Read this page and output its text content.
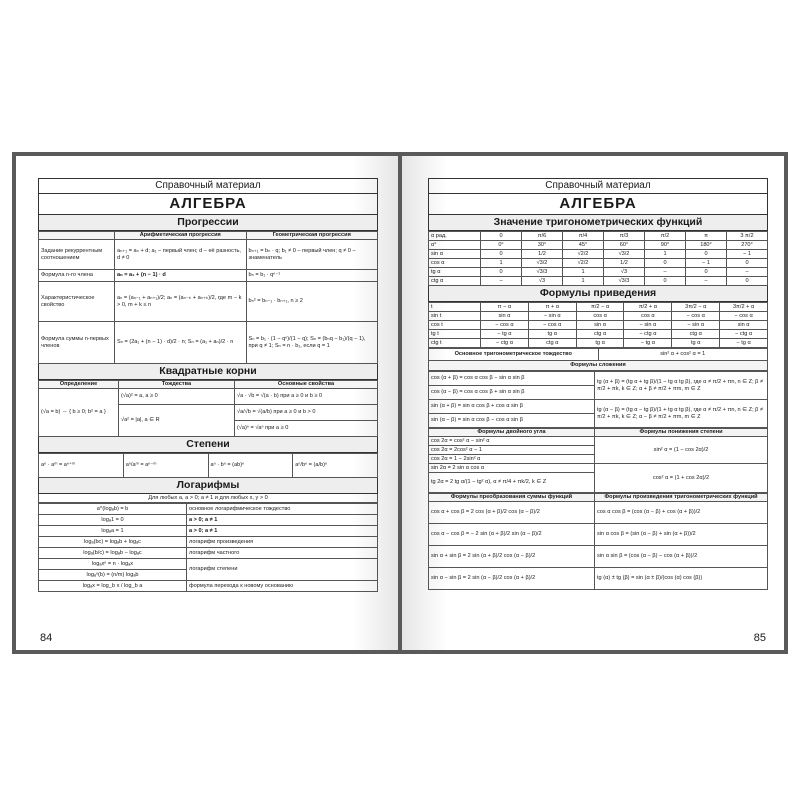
Справочный материал
АЛГЕБРА
Прогрессии
	Арифметическая прогрессия	Геометрическая прогрессия
Задание рекуррентным соотношением	aₙ₊₁ = aₙ + d; a₁ – первый член; d – её разность, d ≠ 0	bₙ₊₁ = bₙ · q; b₁ ≠ 0 – первый член; q ≠ 0 – знаменатель
Формула n-го члена	aₙ = a₁ + (n − 1) · d	bₙ = b₁ · qⁿ⁻¹
Характеристическое свойство	aₙ = (aₙ₋₁ + aₙ₊₁)/2; aₙ = (aₙ₋ₖ + aₙ₊ₖ)/2, где m − k > 0, m + k ≤ n	bₙ² = bₙ₋₁ · bₙ₊₁, n ≥ 2
Формула суммы n-первых членов	Sₙ = (2a₁ + (n − 1) · d)/2 · n; Sₙ = (a₁ + aₙ)/2 · n	Sₙ = b₁ · (1 − qⁿ)/(1 − q); Sₙ = (bₙq − b₁)/(q − 1), при q ≠ 1; Sₙ = n · b₁, если q = 1
Квадратные корни
Определение	Тождества	Основные свойства
(√a = b) ⇔ { b ≥ 0; b² = a }	(√a)² = a, a ≥ 0	√a · √b = √(a · b) при a ≥ 0 и b ≥ 0
	√a² = |a|, a ∈ R	√a/√b = √(a/b) при a ≥ 0 и b > 0
		(√a)ⁿ = √aⁿ при a ≥ 0
Степени
aⁿ · aᵐ = aⁿ⁺ᵐ	aⁿ/aᵐ = aⁿ⁻ᵐ	aⁿ · bⁿ = (ab)ⁿ	aⁿ/bⁿ = (a/b)ⁿ
Логарифмы
Для любых a, a > 0; a ≠ 1 и для любых x, y > 0
a^(logₐb) = b	основное логарифмическое тождество
logₐ1 = 0	a > 0; a ≠ 1
logₐa = 1	a > 0; a ≠ 1
logₐ(bc) = logₐb + logₐc	логарифм произведения
logₐ(b/c) = logₐb − logₐc	логарифм частного
logₐxⁿ = n · logₐx	логарифм степени
logₐⁿ(b) = (n/m) logₐb	
logₐx = log_b x / log_b a	формула перехода к новому основанию
84
Справочный материал
АЛГЕБРА
Значение тригонометрических функций
α рад.	0	π/6	π/4	π/3	π/2	π	3 π/2
α°	0°	30°	45°	60°	90°	180°	270°
sin α	0	1/2	√2/2	√3/2	1	0	− 1
cos α	1	√3/2	√2/2	1/2	0	− 1	0
tg α	0	√3/3	1	√3	–	0	–
ctg α	–	√3	1	√3/3	0	–	0
Формулы приведения
t	π − α	π + α	π/2 − α	π/2 + α	3π/2 − α	3π/2 + α
sin t	sin α	− sin α	cos α	cos α	− cos α	− cos α
cos t	− cos α	− cos α	sin α	− sin α	− sin α	sin α
tg t	− tg α	tg α	ctg α	− ctg α	ctg α	− ctg α
ctg t	− ctg α	ctg α	tg α	− tg α	tg α	− tg α
Основное тригонометрическое тождество	sin² α + cos² α = 1
Формулы сложения
cos (α + β) = cos α cos β − sin α sin β	tg (α + β) = (tg α + tg β)/(1 − tg α tg β), где α ≠ π/2 + πn, n ∈ Z; β ≠ π/2 + πk, k ∈ Z; α + β ≠ π/2 + πm, m ∈ Z
cos (α − β) = cos α cos β + sin α sin β	
sin (α + β) = sin α cos β + cos α sin β	tg (α − β) = (tg α − tg β)/(1 + tg α tg β), где α ≠ π/2 + πn, n ∈ Z; β ≠ π/2 + πk, k ∈ Z; α − β ≠ π/2 + πm, m ∈ Z
sin (α − β) = sin α cos β − cos α sin β	
Формулы двойного угла	Формулы понижения степени
cos 2α = cos² α − sin² α	sin² α = (1 − cos 2α)/2
cos 2α = 2cos² α − 1	
cos 2α = 1 − 2sin² α	
sin 2α = 2 sin α cos α	cos² α = (1 + cos 2α)/2
tg 2α = 2 tg α/(1 − tg² α), α ≠ π/4 + πk/2, k ∈ Z	
Формулы преобразования суммы функций	Формулы произведения тригонометрических функций
cos α + cos β = 2 cos (α + β)/2 cos (α − β)/2	cos α cos β = (cos (α − β) + cos (α + β))/2
cos α − cos β = − 2 sin (α + β)/2 sin (α − β)/2	sin α cos β = (sin (α − β) + sin (α + β))/2
sin α + sin β = 2 sin (α + β)/2 cos (α − β)/2	sin α sin β = (cos (α − β) − cos (α + β))/2
sin α − sin β = 2 sin (α − β)/2 cos (α + β)/2	tg (α) ± tg (β) = sin (α ± β)/(cos (α) cos (β))
85
